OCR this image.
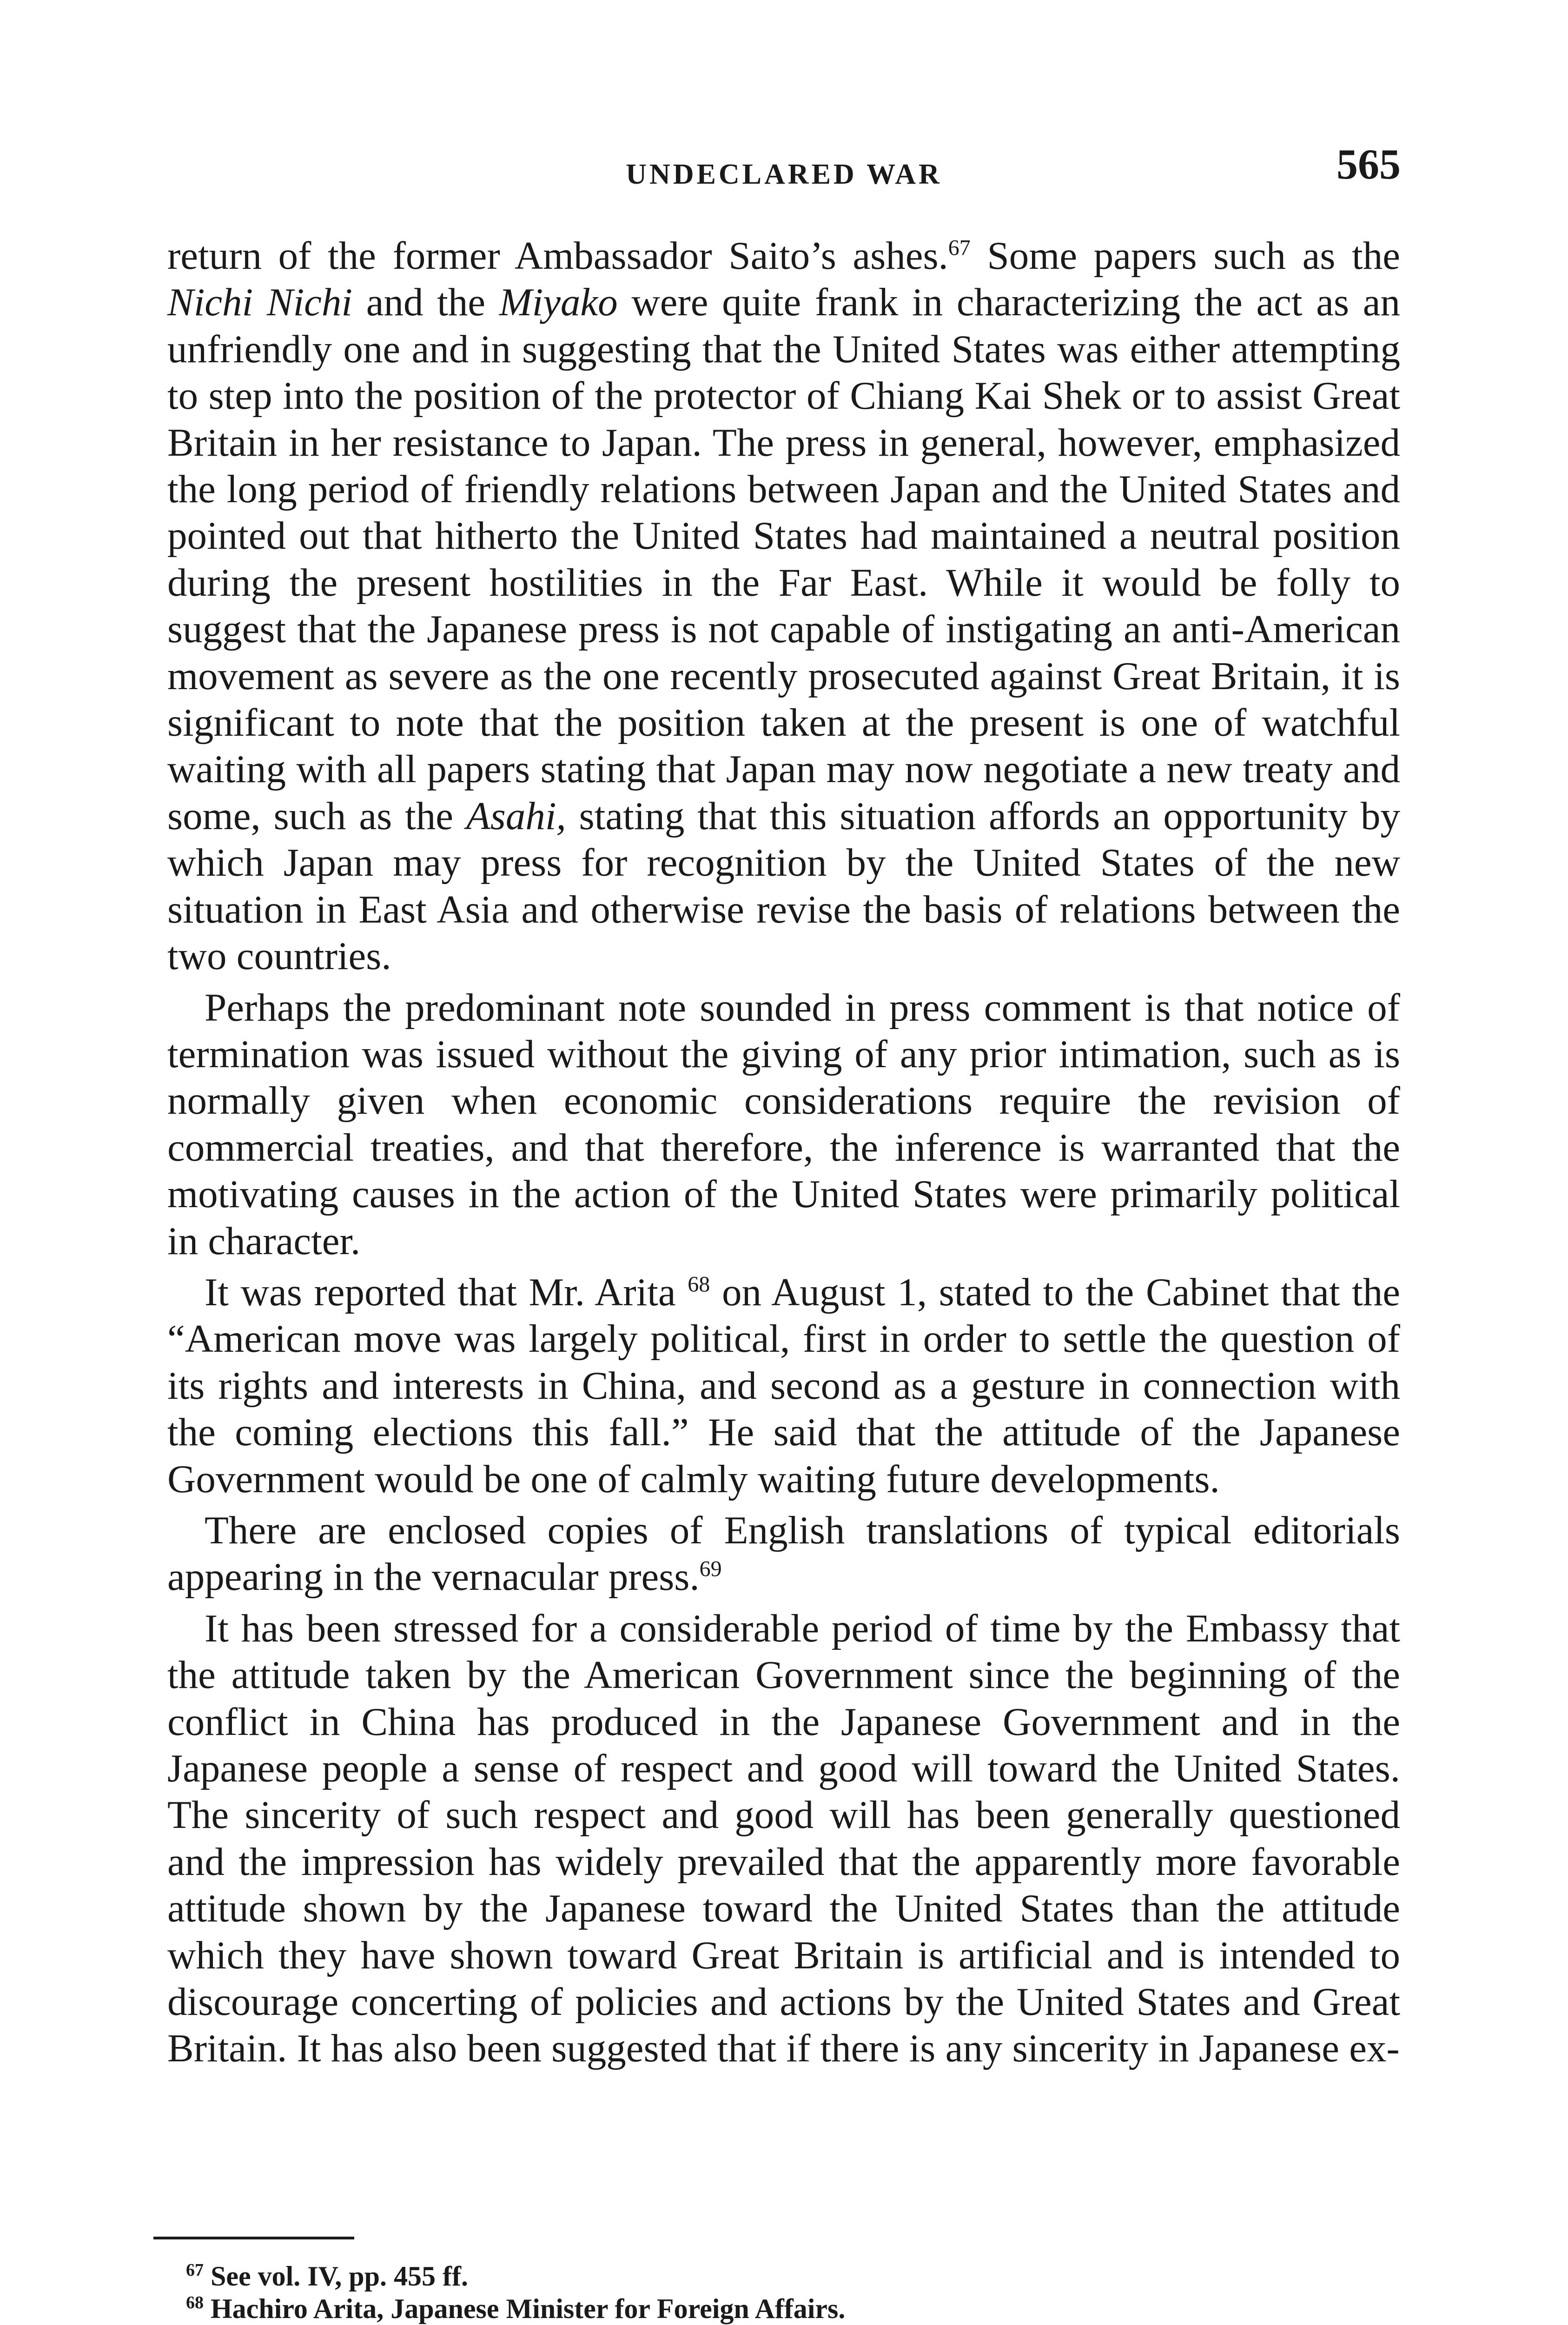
UNDECLARED WAR	565

return of the former Ambassador Saito’s ashes.$^{67}$ Some papers such as the Nichi Nichi and the Miyako were quite frank in characterizing the act as an unfriendly one and in suggesting that the United States was either attempting to step into the position of the protector of Chiang Kai Shek or to assist Great Britain in her resistance to Japan. The press in general, however, emphasized the long period of friendly relations between Japan and the United States and pointed out that hitherto the United States had maintained a neutral position during the present hostilities in the Far East. While it would be folly to suggest that the Japanese press is not capable of instigating an anti-American movement as severe as the one recently prosecuted against Great Britain, it is significant to note that the position taken at the present is one of watchful waiting with all papers stating that Japan may now negotiate a new treaty and some, such as the Asahi, stating that this situation affords an opportunity by which Japan may press for recognition by the United States of the new situation in East Asia and otherwise revise the basis of relations between the two countries.

Perhaps the predominant note sounded in press comment is that notice of termination was issued without the giving of any prior intimation, such as is normally given when economic considerations require the revision of commercial treaties, and that therefore, the inference is warranted that the motivating causes in the action of the United States were primarily political in character.

It was reported that Mr. Arita $^{68}$ on August 1, stated to the Cabinet that the “American move was largely political, first in order to settle the question of its rights and interests in China, and second as a gesture in connection with the coming elections this fall.” He said that the attitude of the Japanese Government would be one of calmly waiting future developments.

There are enclosed copies of English translations of typical editorials appearing in the vernacular press.$^{69}$

It has been stressed for a considerable period of time by the Embassy that the attitude taken by the American Government since the beginning of the conflict in China has produced in the Japanese Government and in the Japanese people a sense of respect and good will toward the United States. The sincerity of such respect and good will has been generally questioned and the impression has widely prevailed that the apparently more favorable attitude shown by the Japanese toward the United States than the attitude which they have shown toward Great Britain is artificial and is intended to discourage concerting of policies and actions by the United States and Great Britain. It has also been suggested that if there is any sincerity in Japanese ex-

$^{67}$ See vol. IV, pp. 455 ff.
$^{68}$ Hachiro Arita, Japanese Minister for Foreign Affairs.
